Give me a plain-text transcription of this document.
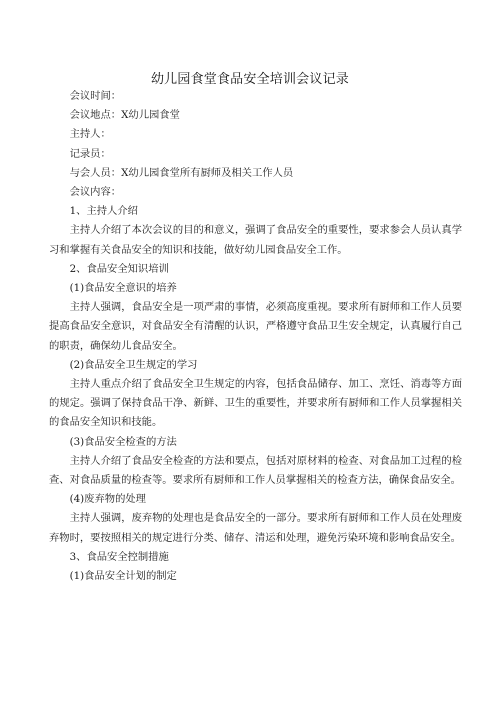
幼儿园食堂食品安全培训会议记录

会议时间：

会议地点：X幼儿园食堂

主持人：

记录员：

与会人员：X幼儿园食堂所有厨师及相关工作人员

会议内容：

1、主持人介绍

主持人介绍了本次会议的目的和意义，强调了食品安全的重要性，要求参会人员认真学习和掌握有关食品安全的知识和技能，做好幼儿园食品安全工作。

2、食品安全知识培训

(1)食品安全意识的培养

主持人强调，食品安全是一项严肃的事情，必须高度重视。要求所有厨师和工作人员要提高食品安全意识，对食品安全有清醒的认识，严格遵守食品卫生安全规定，认真履行自己的职责，确保幼儿食品安全。

(2)食品安全卫生规定的学习

主持人重点介绍了食品安全卫生规定的内容，包括食品储存、加工、烹饪、消毒等方面的规定。强调了保持食品干净、新鲜、卫生的重要性，并要求所有厨师和工作人员掌握相关的食品安全知识和技能。

(3)食品安全检查的方法

主持人介绍了食品安全检查的方法和要点，包括对原材料的检查、对食品加工过程的检查、对食品质量的检查等。要求所有厨师和工作人员掌握相关的检查方法，确保食品安全。

(4)废弃物的处理

主持人强调，废弃物的处理也是食品安全的一部分。要求所有厨师和工作人员在处理废弃物时，要按照相关的规定进行分类、储存、清运和处理，避免污染环境和影响食品安全。

3、食品安全控制措施

(1)食品安全计划的制定
